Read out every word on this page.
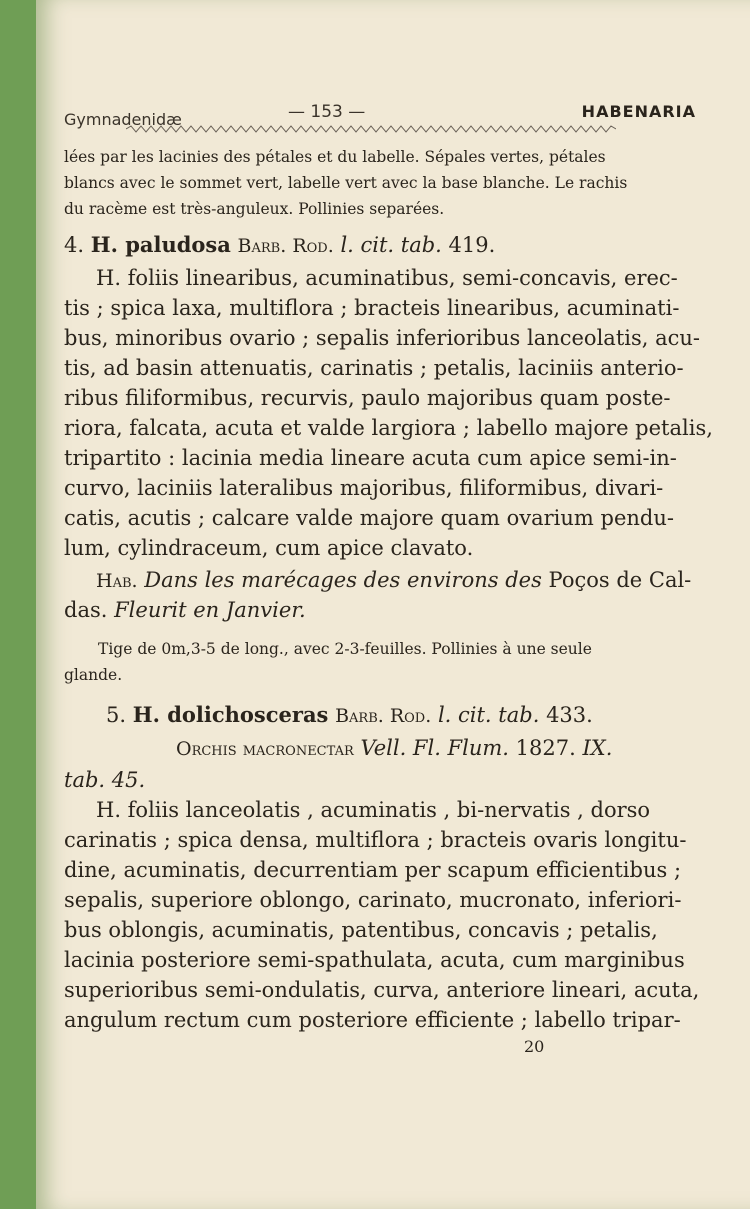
Gymnadenidæ	— 153 —	HABENARIA
lées par les lacinies des pétales et du labelle. Sépales vertes, pétales
blancs avec le sommet vert, labelle vert avec la base blanche. Le rachis
du racème est très-anguleux. Pollinies separées.
4. H. paludosa Barb. Rod. l. cit. tab. 419.
H. foliis linearibus, acuminatibus, semi-concavis, erec-
tis ; spica laxa, multiflora ; bracteis linearibus, acuminati-
bus, minoribus ovario ; sepalis inferioribus lanceolatis, acu-
tis, ad basin attenuatis, carinatis ; petalis, laciniis anterio-
ribus filiformibus, recurvis, paulo majoribus quam poste-
riora, falcata, acuta et valde largiora ; labello majore petalis,
tripartito : lacinia media lineare acuta cum apice semi-in-
curvo, laciniis lateralibus majoribus, filiformibus, divari-
catis, acutis ; calcare valde majore quam ovarium pendu-
lum, cylindraceum, cum apice clavato.
Hab. Dans les marécages des environs des Poços de Cal-
das. Fleurit en Janvier.
Tige de 0m,3-5 de long., avec 2-3-feuilles. Pollinies à une seule
glande.
5. H. dolichosceras Barb. Rod. l. cit. tab. 433.
Orchis macronectar Vell. Fl. Flum. 1827. IX.
tab. 45.
H. foliis lanceolatis , acuminatis , bi-nervatis , dorso
carinatis ; spica densa, multiflora ; bracteis ovaris longitu-
dine, acuminatis, decurrentiam per scapum efficientibus ;
sepalis, superiore oblongo, carinato, mucronato, inferiori-
bus oblongis, acuminatis, patentibus, concavis ; petalis,
lacinia posteriore semi-spathulata, acuta, cum marginibus
superioribus semi-ondulatis, curva, anteriore lineari, acuta,
angulum rectum cum posteriore efficiente ; labello tripar-
20
